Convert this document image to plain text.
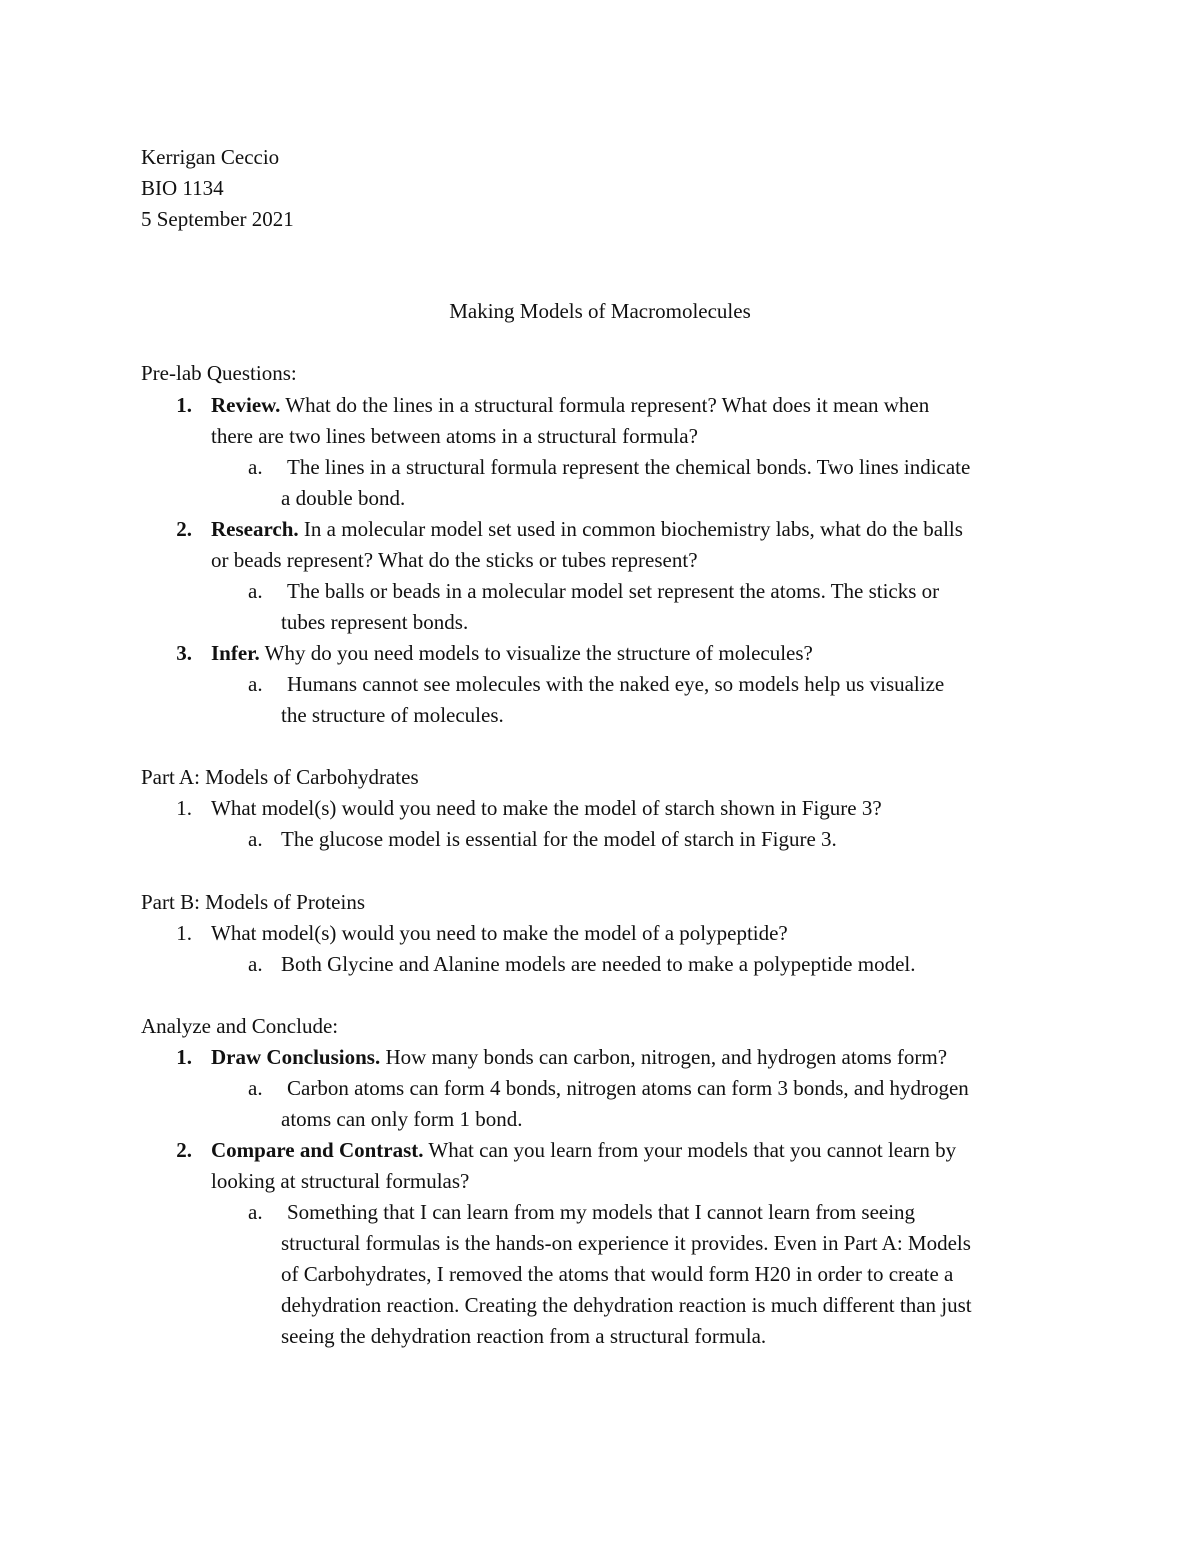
Kerrigan Ceccio
BIO 1134
5 September 2021
Making Models of Macromolecules
Pre-lab Questions:
1. Review. What do the lines in a structural formula represent? What does it mean when
there are two lines between atoms in a structural formula?
a.	The lines in a structural formula represent the chemical bonds. Two lines indicate
a double bond.
2. Research. In a molecular model set used in common biochemistry labs, what do the balls
or beads represent? What do the sticks or tubes represent?
a.	The balls or beads in a molecular model set represent the atoms. The sticks or
tubes represent bonds.
3. Infer. Why do you need models to visualize the structure of molecules?
a.	Humans cannot see molecules with the naked eye, so models help us visualize
the structure of molecules.
Part A: Models of Carbohydrates
1. What model(s) would you need to make the model of starch shown in Figure 3?
a. The glucose model is essential for the model of starch in Figure 3.
Part B: Models of Proteins
1. What model(s) would you need to make the model of a polypeptide?
a. Both Glycine and Alanine models are needed to make a polypeptide model.
Analyze and Conclude:
1. Draw Conclusions. How many bonds can carbon, nitrogen, and hydrogen atoms form?
a.	Carbon atoms can form 4 bonds, nitrogen atoms can form 3 bonds, and hydrogen
atoms can only form 1 bond.
2. Compare and Contrast. What can you learn from your models that you cannot learn by
looking at structural formulas?
a.	Something that I can learn from my models that I cannot learn from seeing
structural formulas is the hands-on experience it provides. Even in Part A: Models
of Carbohydrates, I removed the atoms that would form H20 in order to create a
dehydration reaction. Creating the dehydration reaction is much different than just
seeing the dehydration reaction from a structural formula.
